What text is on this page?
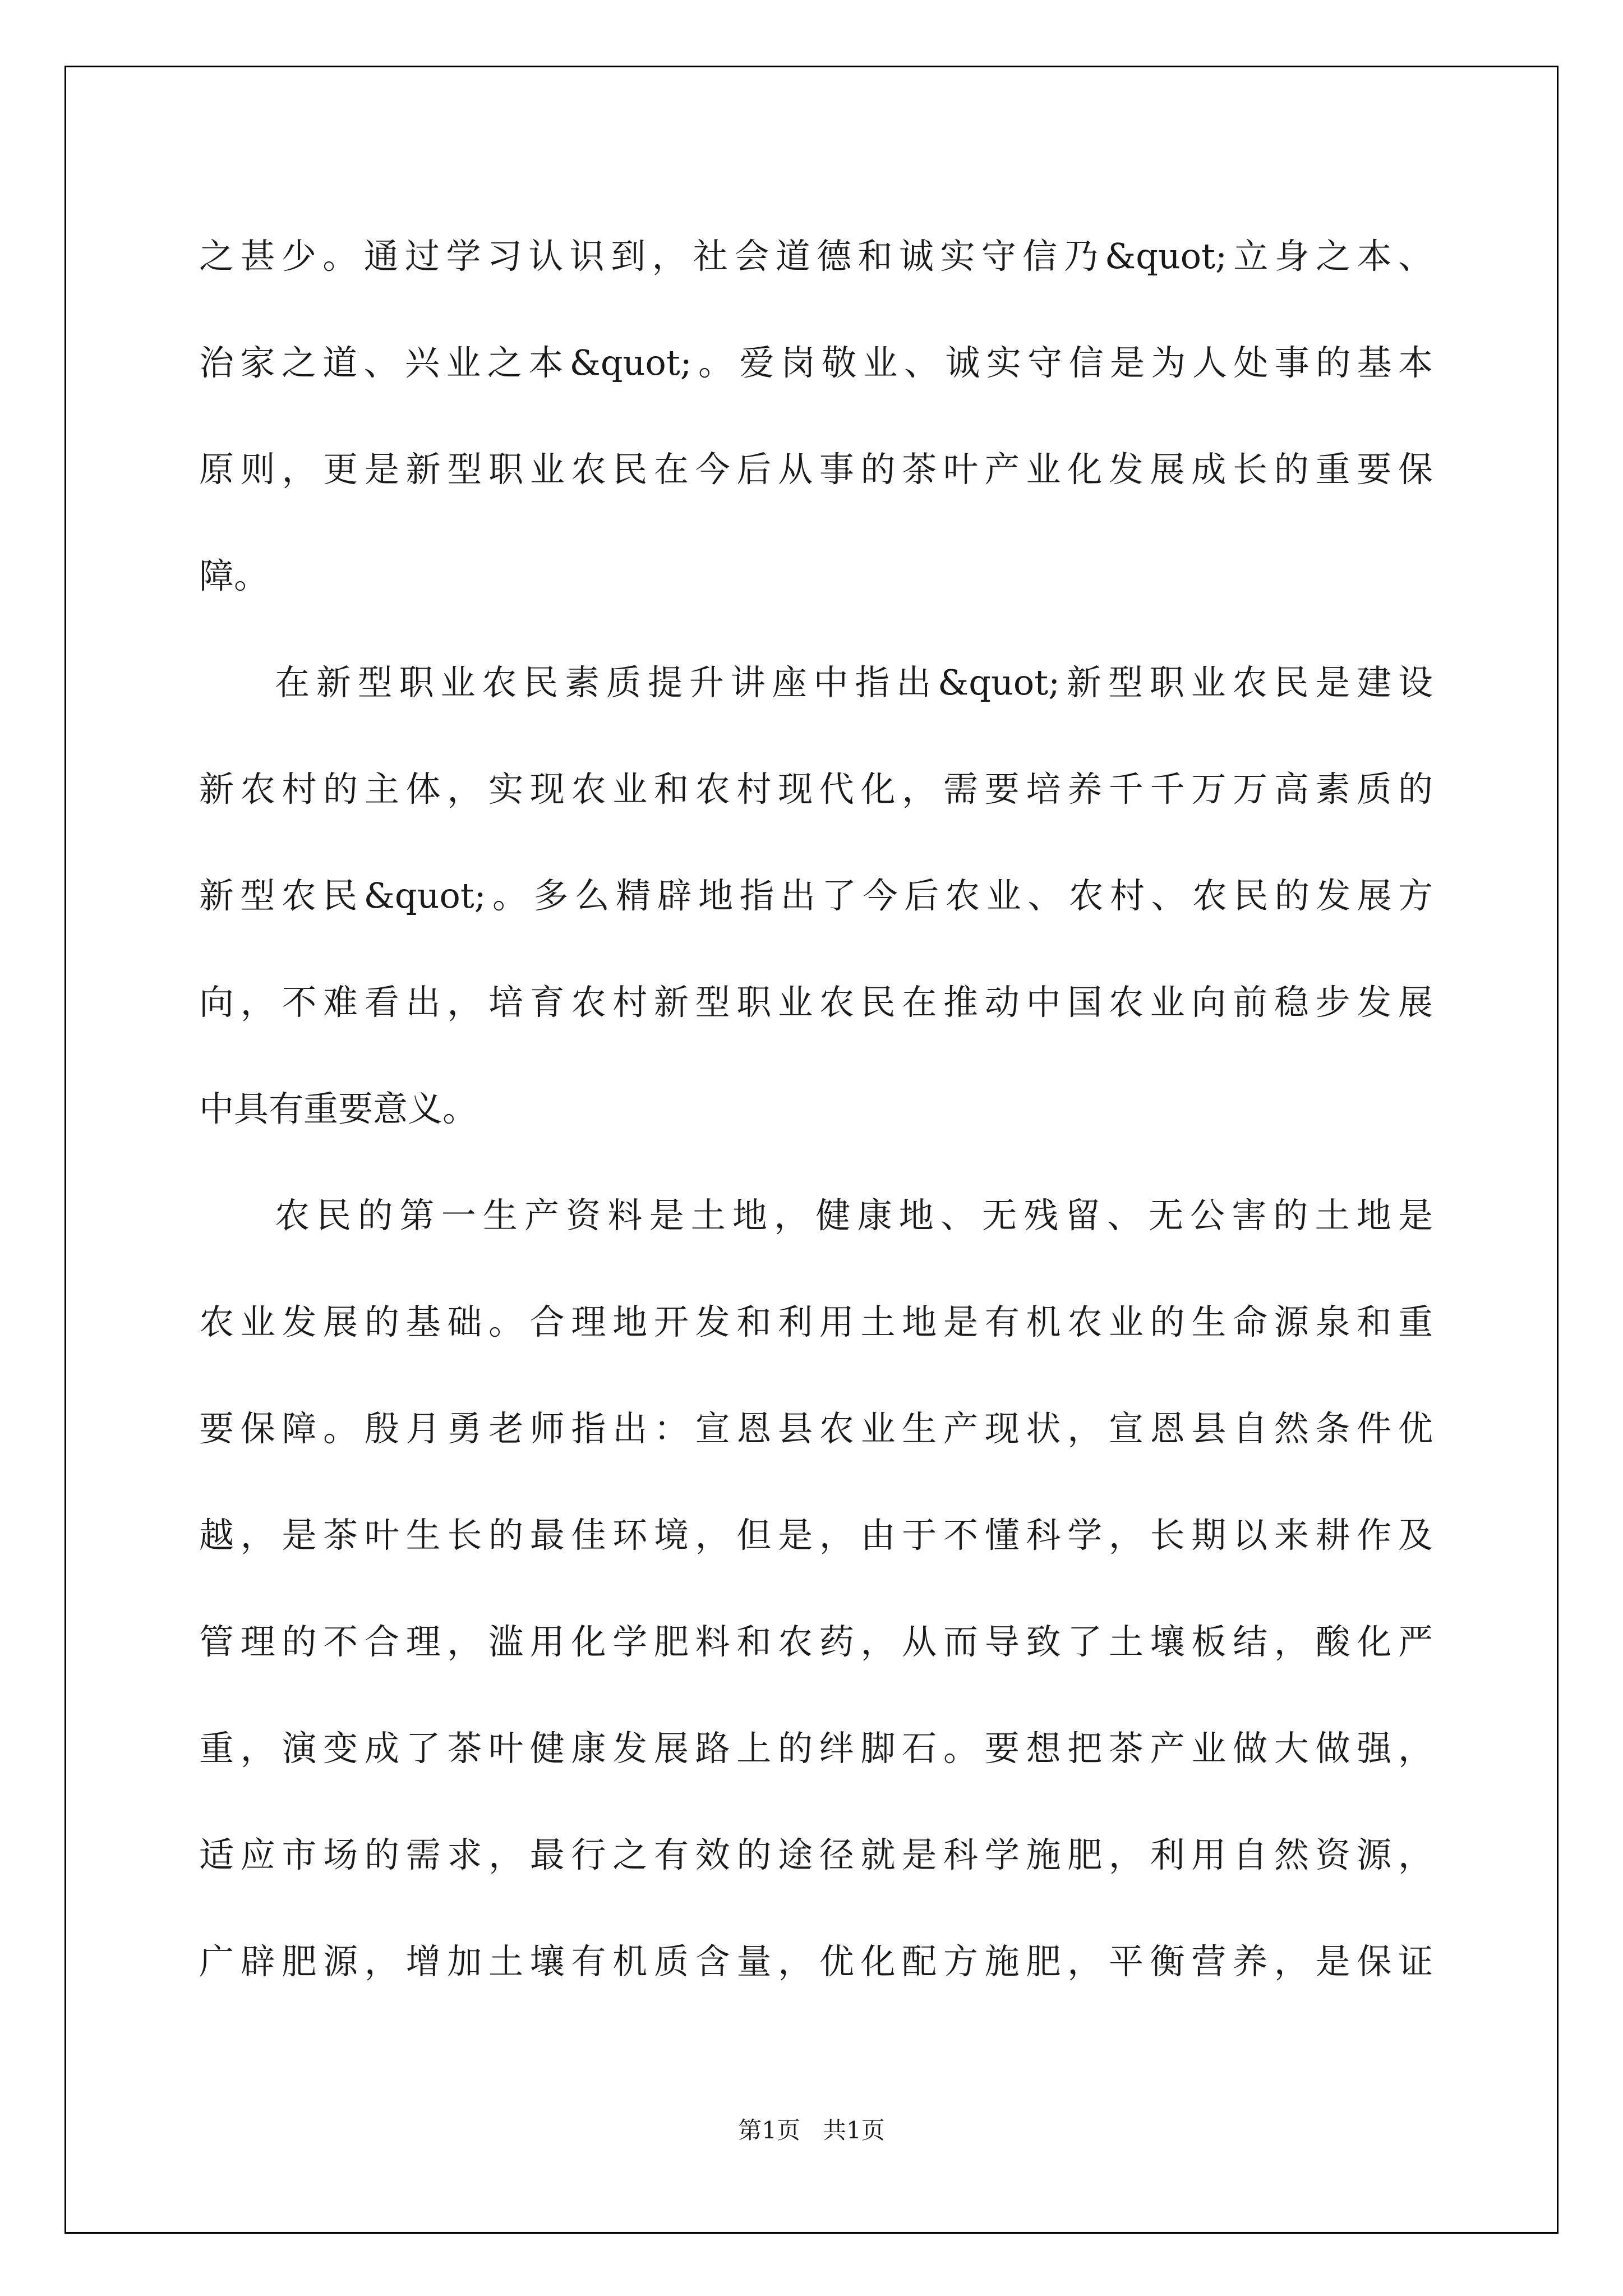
之甚少。通过学习认识到，社会道德和诚实守信乃&quot;立身之本、
治家之道、兴业之本&quot;。爱岗敬业、诚实守信是为人处事的基本
原则，更是新型职业农民在今后从事的茶叶产业化发展成长的重要保
障。
在新型职业农民素质提升讲座中指出&quot;新型职业农民是建设
新农村的主体，实现农业和农村现代化，需要培养千千万万高素质的
新型农民&quot;。多么精辟地指出了今后农业、农村、农民的发展方
向，不难看出，培育农村新型职业农民在推动中国农业向前稳步发展
中具有重要意义。
农民的第一生产资料是土地，健康地、无残留、无公害的土地是
农业发展的基础。合理地开发和利用土地是有机农业的生命源泉和重
要保障。殷月勇老师指出：宣恩县农业生产现状，宣恩县自然条件优
越，是茶叶生长的最佳环境，但是，由于不懂科学，长期以来耕作及
管理的不合理，滥用化学肥料和农药，从而导致了土壤板结，酸化严
重，演变成了茶叶健康发展路上的绊脚石。要想把茶产业做大做强，
适应市场的需求，最行之有效的途径就是科学施肥，利用自然资源，
广辟肥源，增加土壤有机质含量，优化配方施肥，平衡营养，是保证
第1页 共1页
